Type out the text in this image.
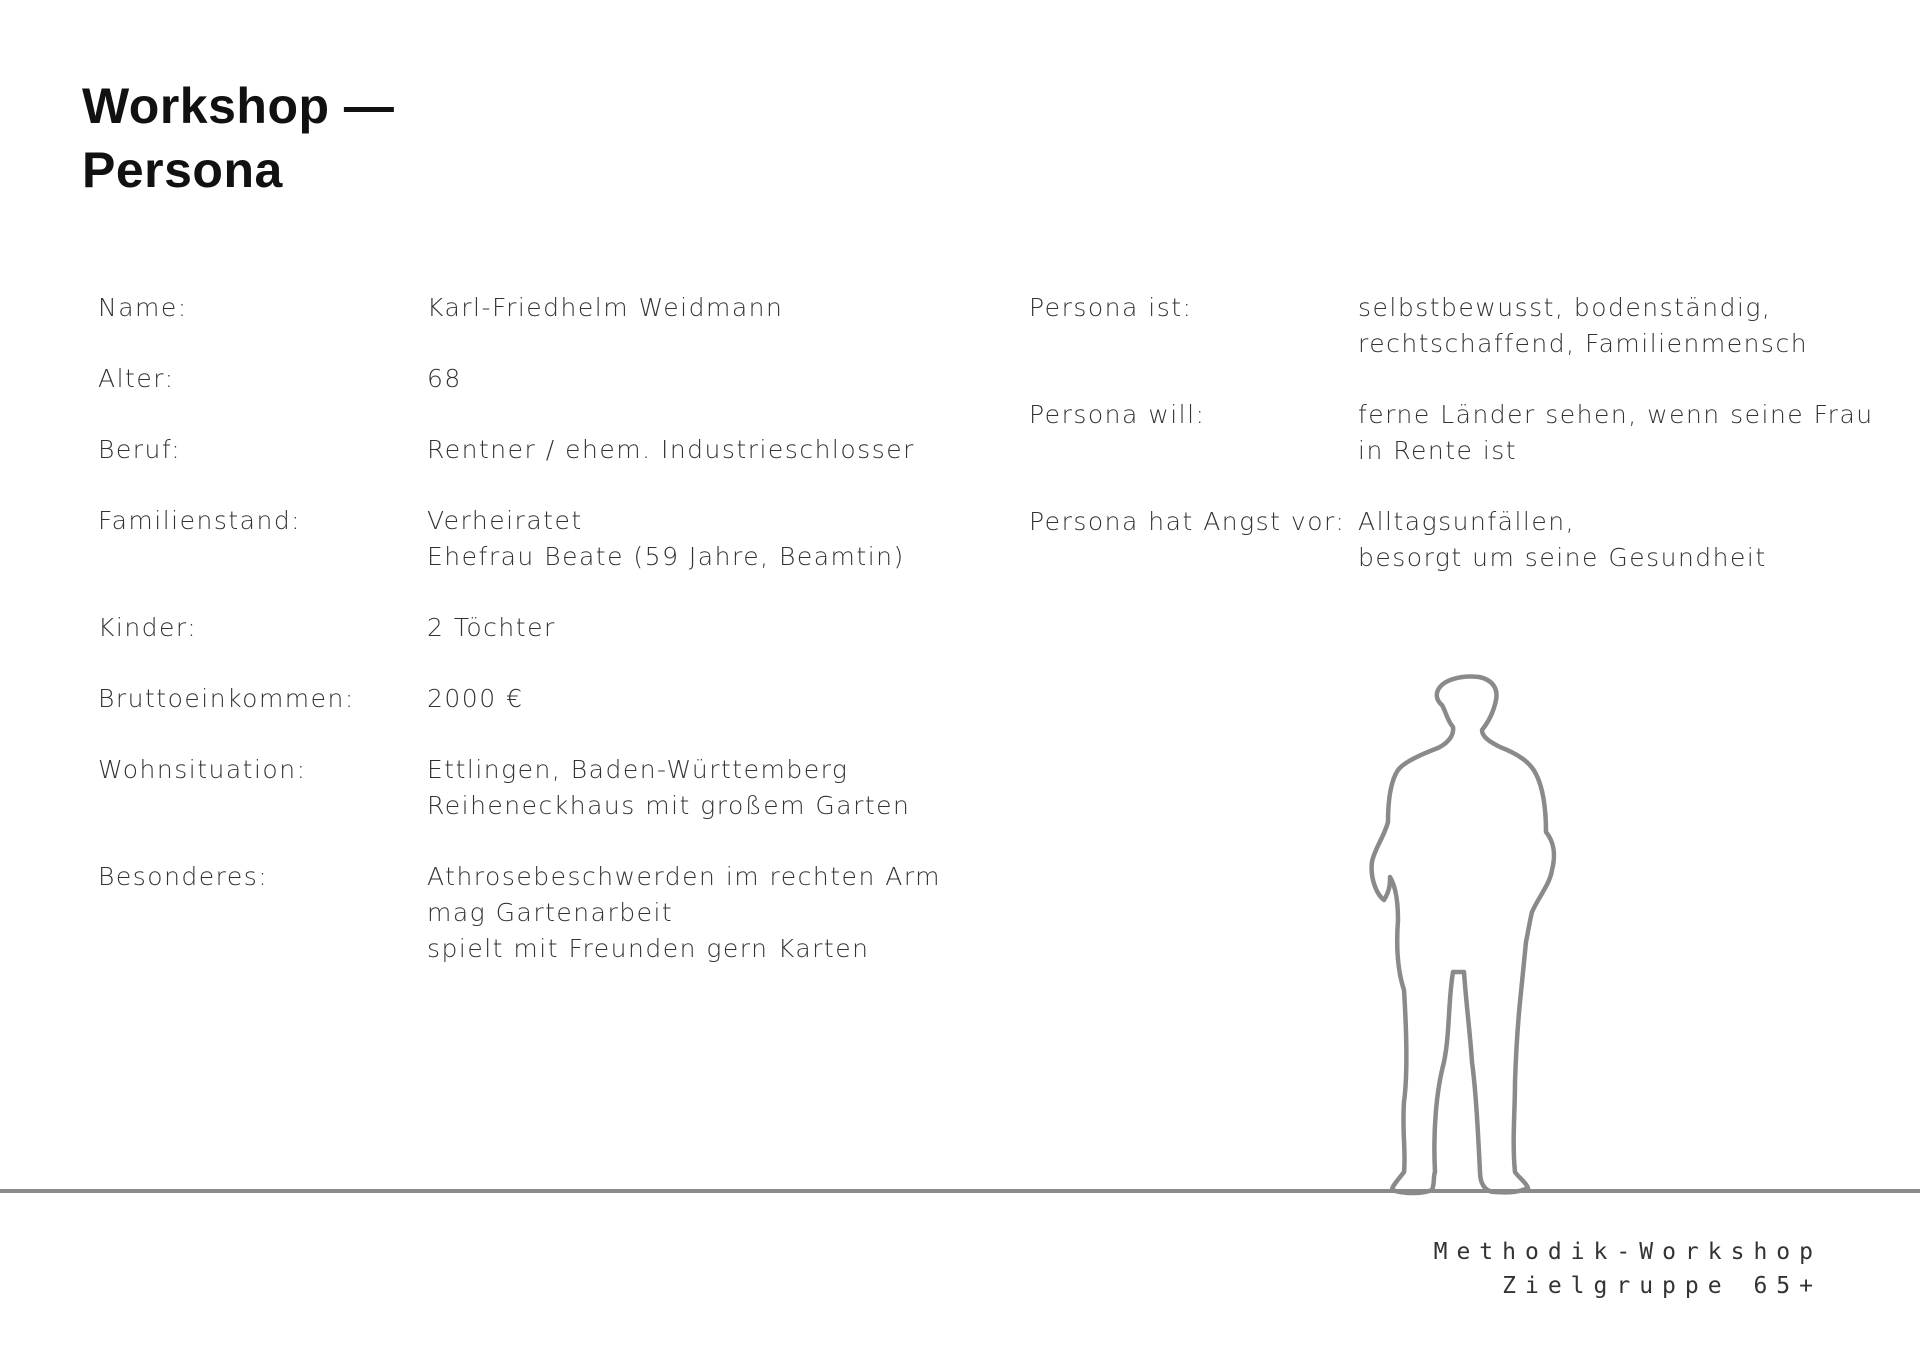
Workshop —
Persona
Name:	Karl-Friedhelm Weidmann
Alter:	68
Beruf:	Rentner / ehem. Industrieschlosser
Familienstand:	Verheiratet
Ehefrau Beate (59 Jahre, Beamtin)
Kinder:	2 Töchter
Bruttoeinkommen:	2000 €
Wohnsituation:	Ettlingen, Baden-Württemberg
Reiheneckhaus mit großem Garten
Besonderes:	Athrosebeschwerden im rechten Arm
mag Gartenarbeit
spielt mit Freunden gern Karten
Persona ist:	selbstbewusst, bodenständig,
rechtschaffend, Familienmensch
Persona will:	ferne Länder sehen, wenn seine Frau
in Rente ist
Persona hat Angst vor: Alltagsunfällen,
besorgt um seine Gesundheit
Methodik-Workshop
Zielgruppe 65+
